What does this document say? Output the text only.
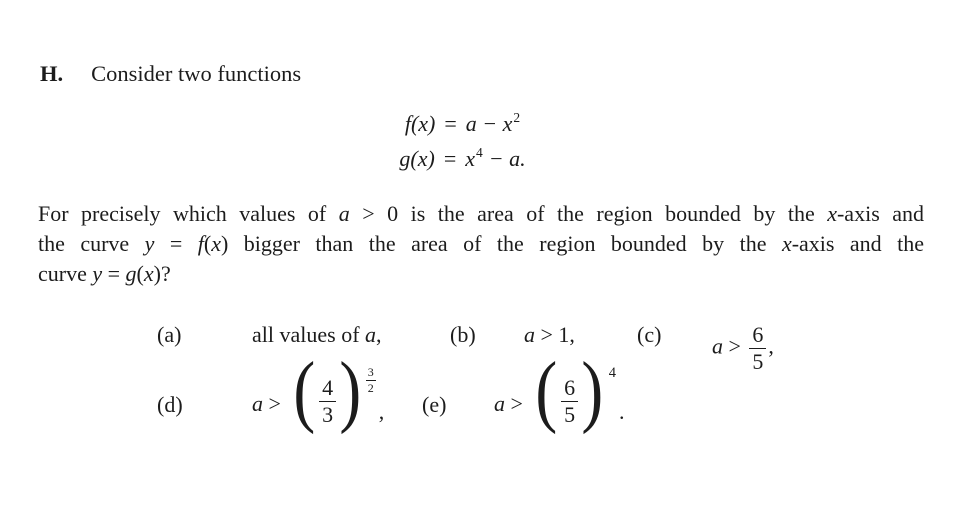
H. Consider two functions
f(x) = a − x 2
g(x) = x 4 − a.
For precisely which values of a > 0 is the area of the region bounded by the x-axis and
the curve y = f(x) bigger than the area of the region bounded by the x-axis and the
curve y = g(x)?
(a)	all values of a,	(b) a > 1,	(c) $a > \frac{6}{5}$ ,
(d)	a > ( $\frac{4}{3}$ ) $\frac{3}{2}$
, (e) a > ( $\frac{6}{5}$ ) 4
.
